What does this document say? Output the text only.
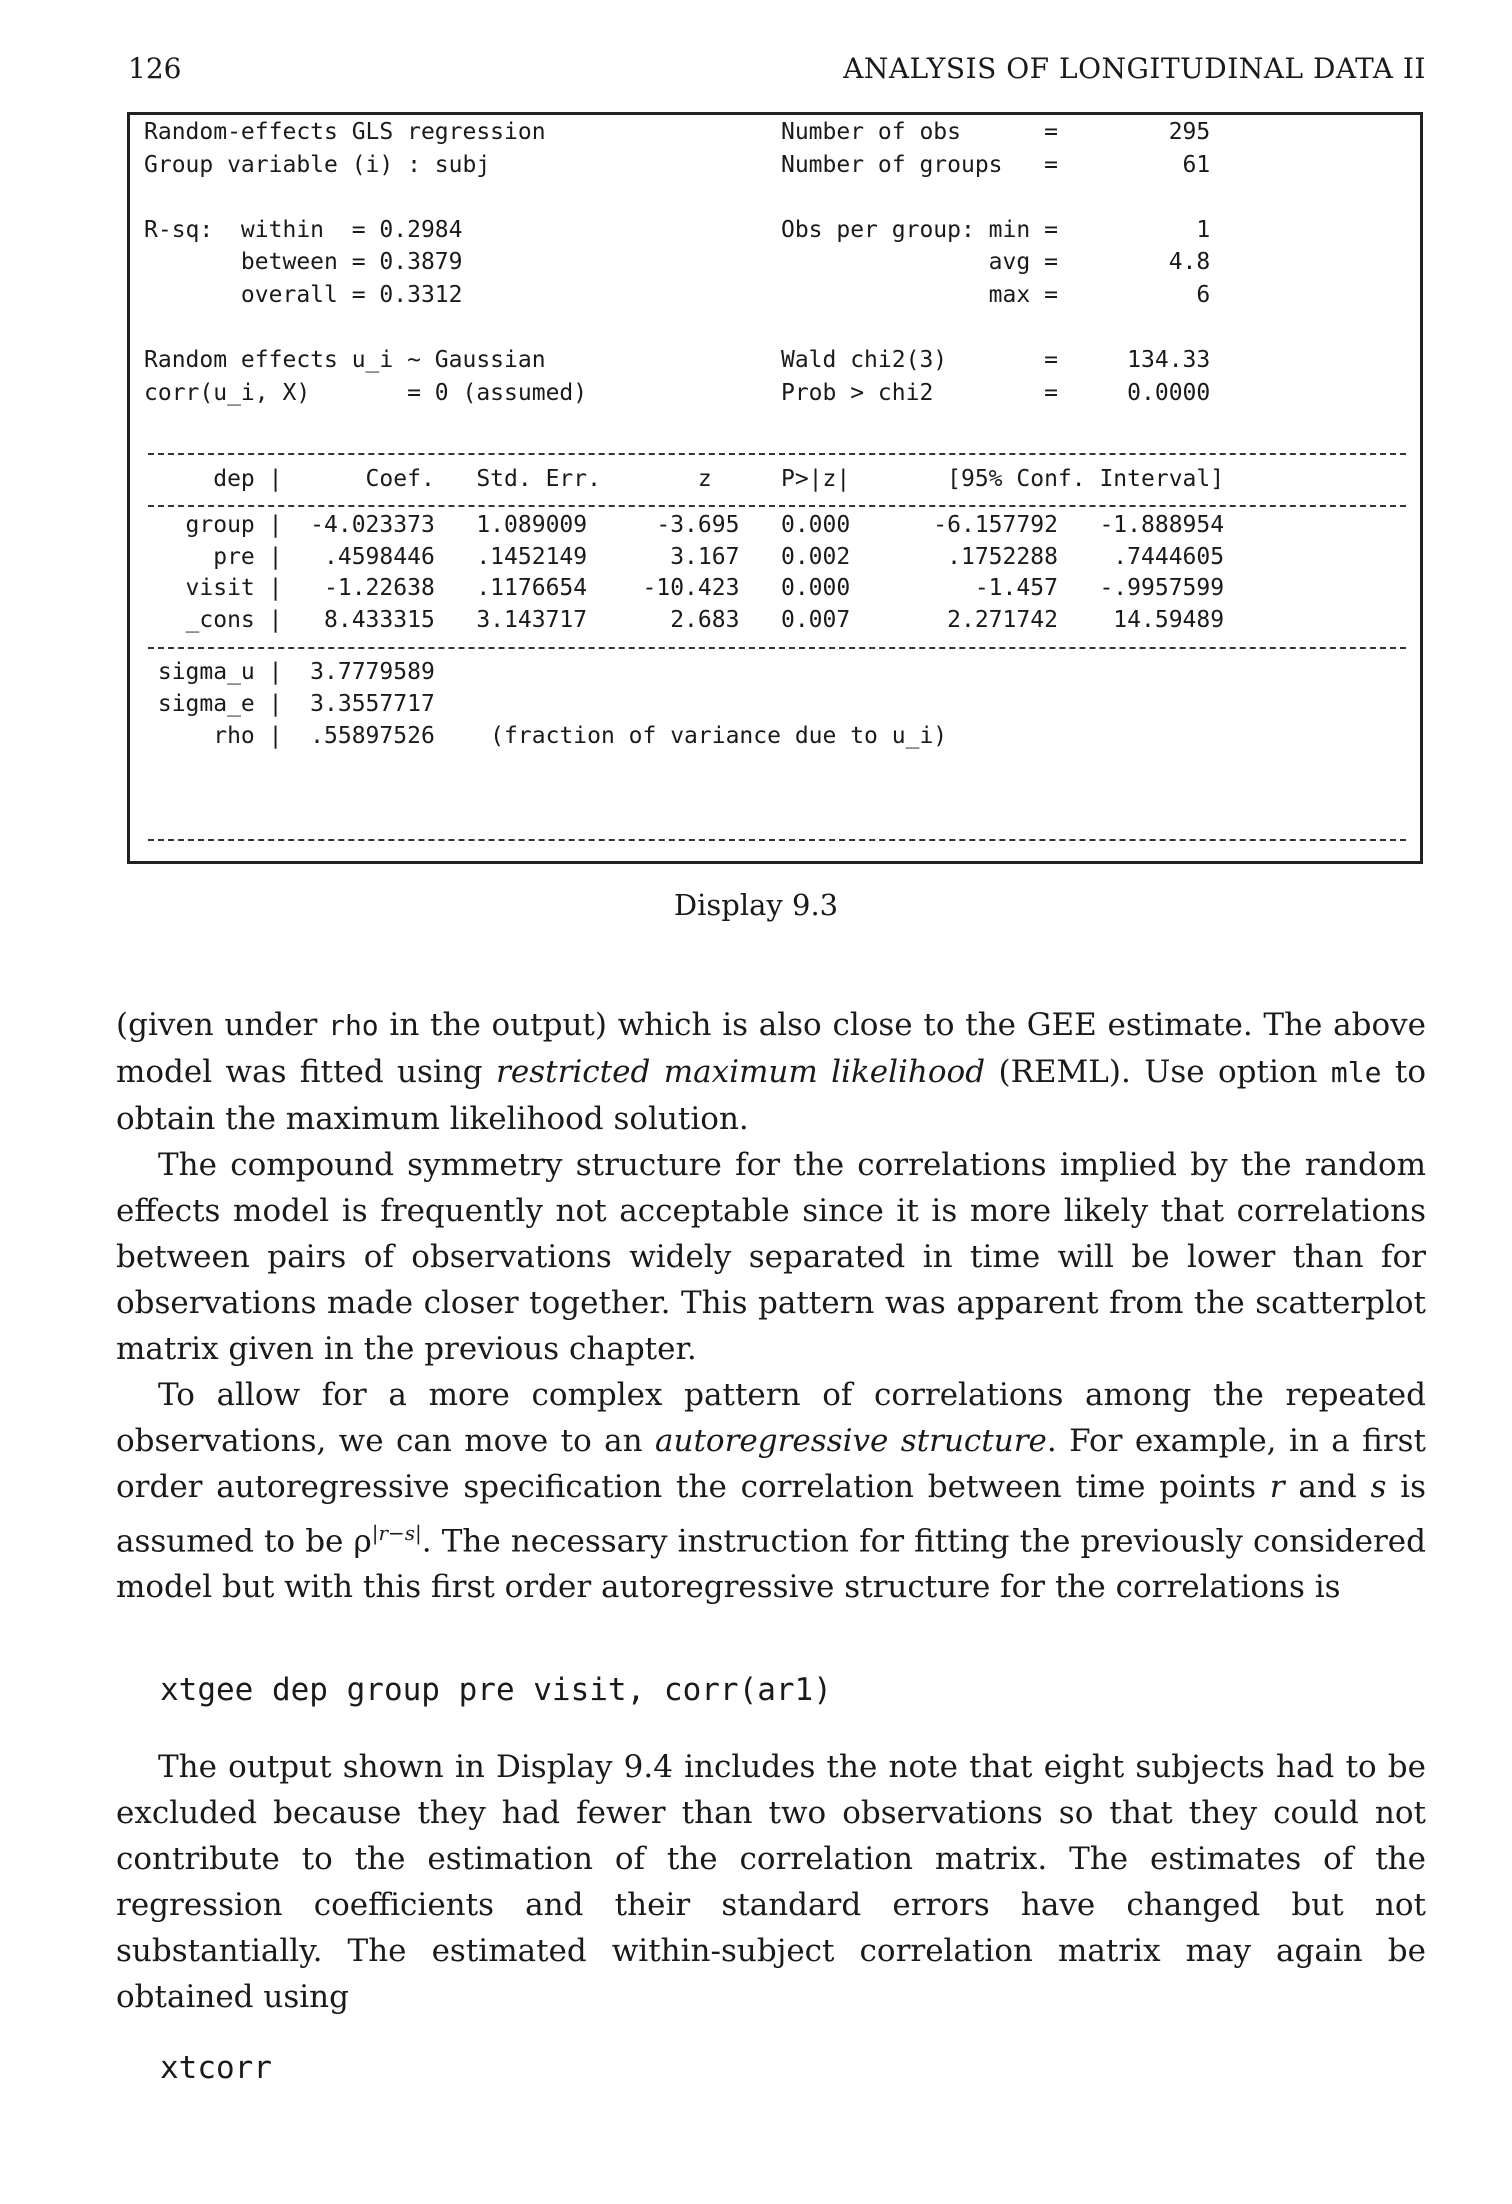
126	ANALYSIS OF LONGITUDINAL DATA II
Random-effects GLS regression                 Number of obs      =        295
Group variable (i) : subj                     Number of groups   =         61
R-sq:  within  = 0.2984                       Obs per group: min =          1
between = 0.3879                                      avg =        4.8
overall = 0.3312                                      max =          6
Random effects u_i ~ Gaussian                 Wald chi2(3)       =     134.33
corr(u_i, X)       = 0 (assumed)              Prob > chi2        =     0.0000
dep |      Coef.   Std. Err.       z     P>|z|       [95% Conf. Interval]
group |  -4.023373   1.089009     -3.695   0.000      -6.157792   -1.888954
pre |   .4598446   .1452149      3.167   0.002       .1752288    .7444605
visit |   -1.22638   .1176654    -10.423   0.000         -1.457   -.9957599
_cons |   8.433315   3.143717      2.683   0.007       2.271742    14.59489
sigma_u |  3.7779589
sigma_e |  3.3557717
rho |  .55897526    (fraction of variance due to u_i)
Display 9.3

(given under rho in the output) which is also close to the GEE estimate. The above model was fitted using restricted maximum likelihood (REML). Use option mle to obtain the maximum likelihood solution.

The compound symmetry structure for the correlations implied by the random effects model is frequently not acceptable since it is more likely that correlations between pairs of observations widely separated in time will be lower than for observations made closer together. This pattern was apparent from the scatterplot matrix given in the previous chapter.

To allow for a more complex pattern of correlations among the repeated observations, we can move to an autoregressive structure. For example, in a first order autoregressive specification the correlation between time points r and s is assumed to be $\rho^{|r-s|}$. The necessary instruction for fitting the previously considered model but with this first order autoregressive structure for the correlations is

xtgee dep group pre visit, corr(ar1)

The output shown in Display 9.4 includes the note that eight subjects had to be excluded because they had fewer than two observations so that they could not contribute to the estimation of the correlation matrix. The estimates of the regression coefficients and their standard errors have changed but not substantially. The estimated within-subject correlation matrix may again be obtained using

xtcorr
